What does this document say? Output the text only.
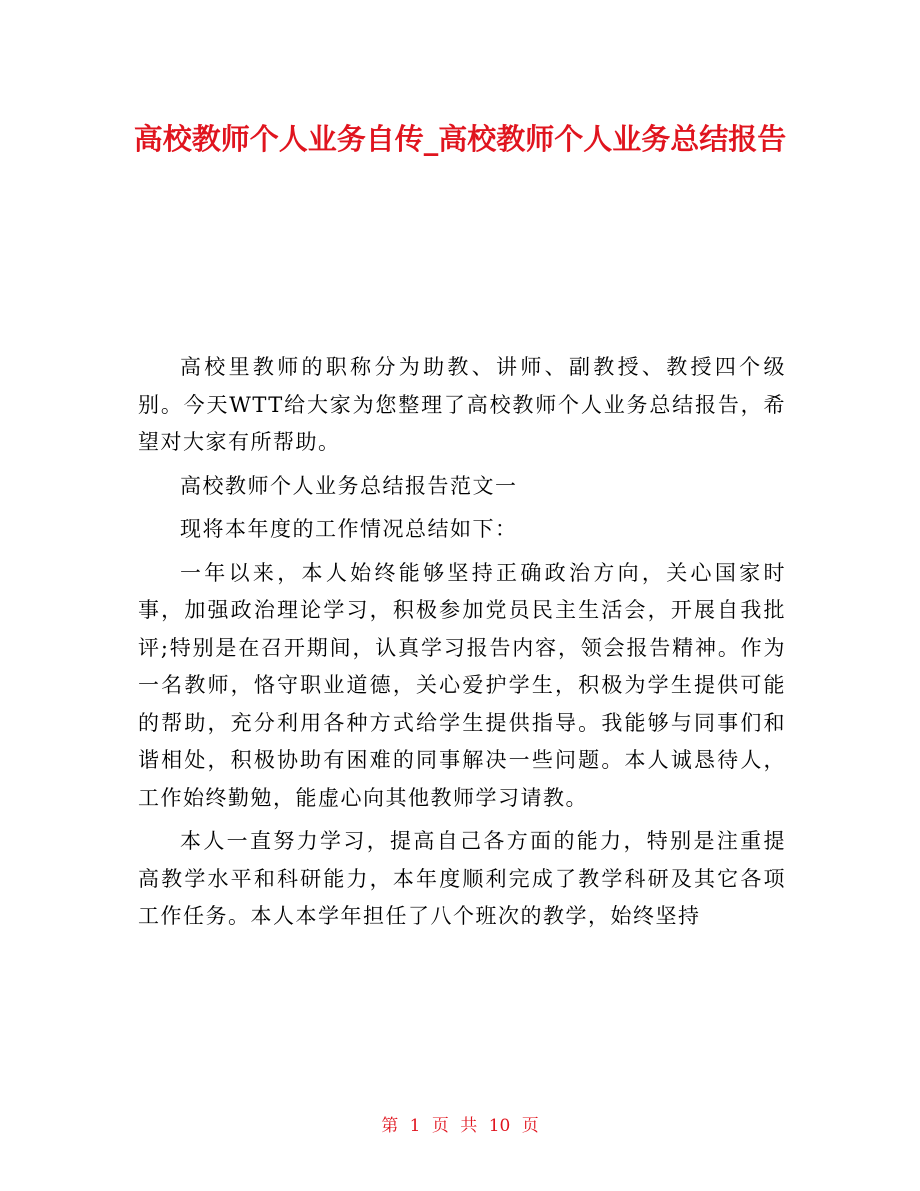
高校教师个人业务自传_高校教师个人业务总结报告

高校里教师的职称分为助教、讲师、副教授、教授四个级别。今天WTT给大家为您整理了高校教师个人业务总结报告，希望对大家有所帮助。

高校教师个人业务总结报告范文一

现将本年度的工作情况总结如下：

一年以来，本人始终能够坚持正确政治方向，关心国家时事，加强政治理论学习，积极参加党员民主生活会，开展自我批评;特别是在召开期间，认真学习报告内容，领会报告精神。作为一名教师，恪守职业道德，关心爱护学生，积极为学生提供可能的帮助，充分利用各种方式给学生提供指导。我能够与同事们和谐相处，积极协助有困难的同事解决一些问题。本人诚恳待人，工作始终勤勉，能虚心向其他教师学习请教。

本人一直努力学习，提高自己各方面的能力，特别是注重提高教学水平和科研能力，本年度顺利完成了教学科研及其它各项工作任务。本人本学年担任了八个班次的教学，始终坚持

第 1 页 共 10 页
